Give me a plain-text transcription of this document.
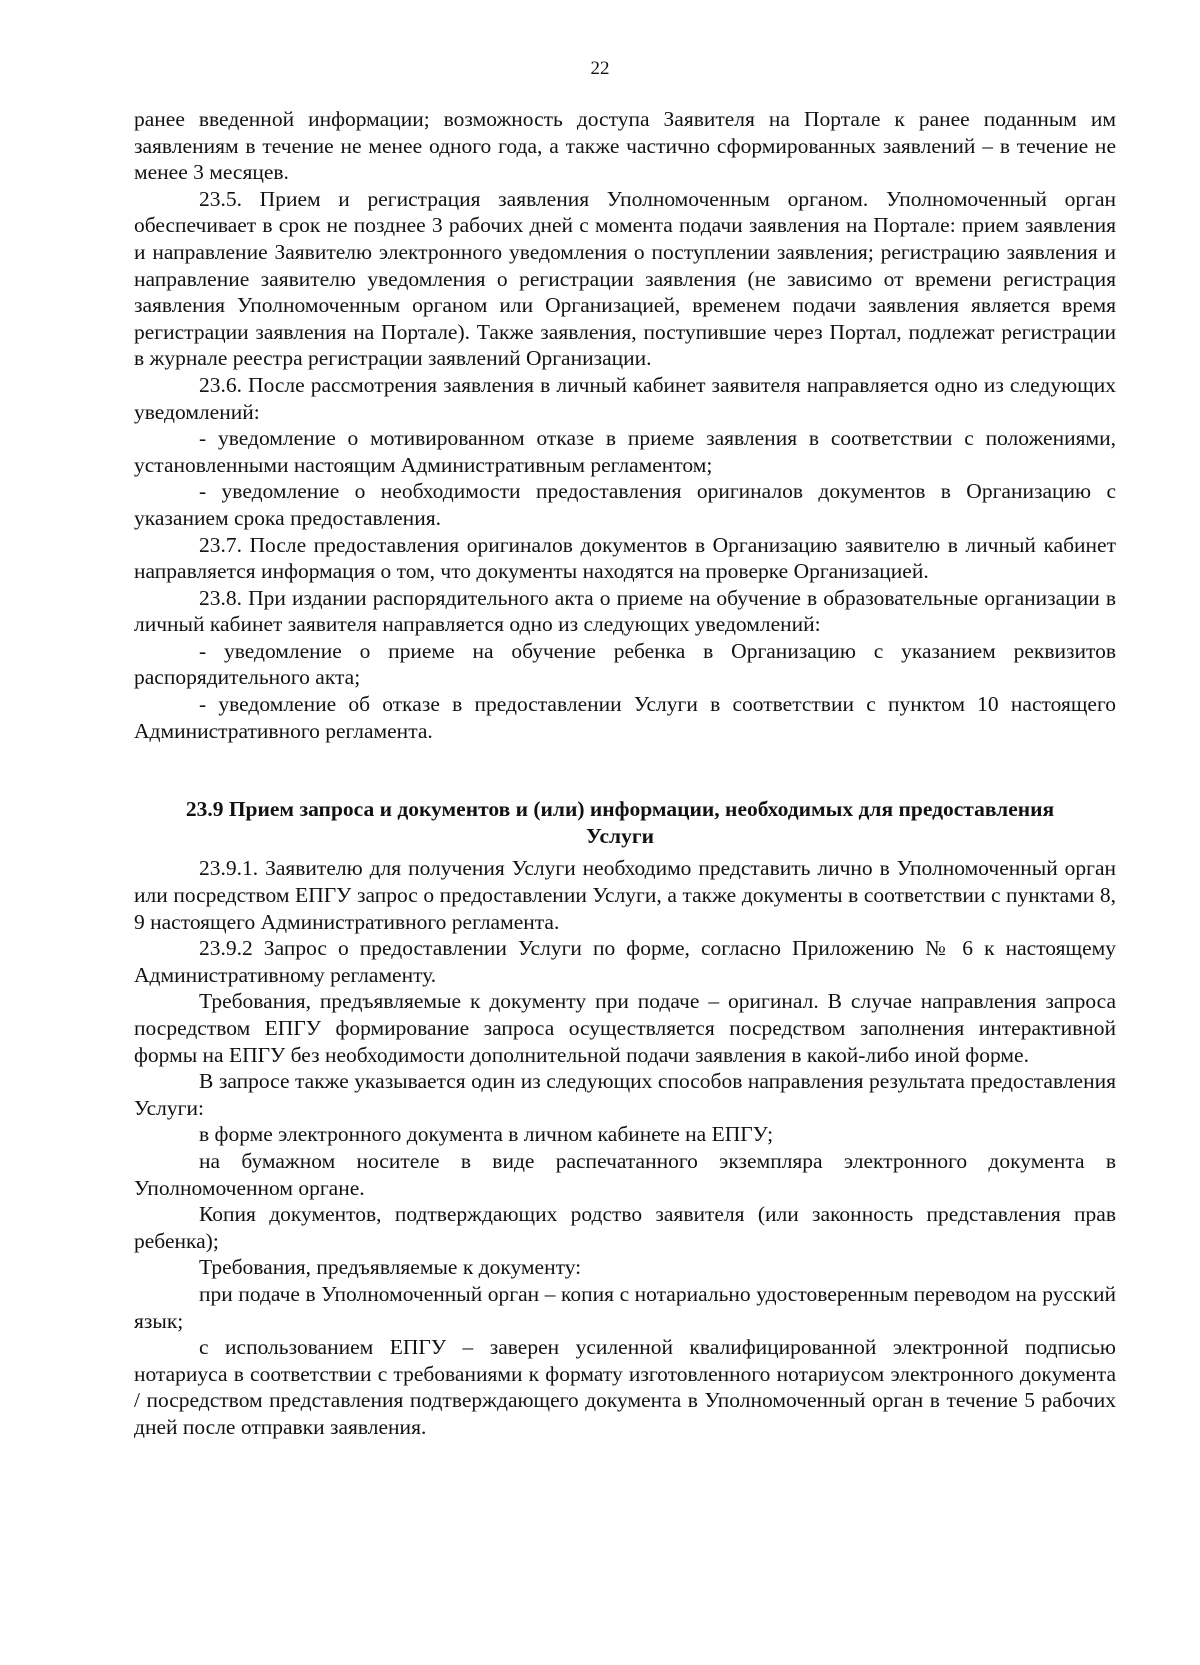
22

ранее введенной информации; возможность доступа Заявителя на Портале к ранее поданным им заявлениям в течение не менее одного года, а также частично сформированных заявлений – в течение не менее 3 месяцев.

23.5. Прием и регистрация заявления Уполномоченным органом. Уполномоченный орган обеспечивает в срок не позднее 3 рабочих дней с момента подачи заявления на Портале: прием заявления и направление Заявителю электронного уведомления о поступлении заявления; регистрацию заявления и направление заявителю уведомления о регистрации заявления (не зависимо от времени регистрация заявления Уполномоченным органом или Организацией, временем подачи заявления является время регистрации заявления на Портале). Также заявления, поступившие через Портал, подлежат регистрации в журнале реестра регистрации заявлений Организации.

23.6. После рассмотрения заявления в личный кабинет заявителя направляется одно из следующих уведомлений:

- уведомление о мотивированном отказе в приеме заявления в соответствии с положениями, установленными настоящим Административным регламентом;

- уведомление о необходимости предоставления оригиналов документов в Организацию с указанием срока предоставления.

23.7. После предоставления оригиналов документов в Организацию заявителю в личный кабинет направляется информация о том, что документы находятся на проверке Организацией.

23.8. При издании распорядительного акта о приеме на обучение в образовательные организации в личный кабинет заявителя направляется одно из следующих уведомлений:

- уведомление о приеме на обучение ребенка в Организацию с указанием реквизитов распорядительного акта;

- уведомление об отказе в предоставлении Услуги в соответствии с пунктом 10 настоящего Административного регламента.

23.9 Прием запроса и документов и (или) информации, необходимых для предоставления Услуги

23.9.1. Заявителю для получения Услуги необходимо представить лично в Уполномоченный орган или посредством ЕПГУ запрос о предоставлении Услуги, а также документы в соответствии с пунктами 8, 9 настоящего Административного регламента.

23.9.2 Запрос о предоставлении Услуги по форме, согласно Приложению № 6 к настоящему Административному регламенту.

Требования, предъявляемые к документу при подаче – оригинал. В случае направления запроса посредством ЕПГУ формирование запроса осуществляется посредством заполнения интерактивной формы на ЕПГУ без необходимости дополнительной подачи заявления в какой-либо иной форме.

В запросе также указывается один из следующих способов направления результата предоставления Услуги:

в форме электронного документа в личном кабинете на ЕПГУ;

на бумажном носителе в виде распечатанного экземпляра электронного документа в Уполномоченном органе.

Копия документов, подтверждающих родство заявителя (или законность представления прав ребенка);

Требования, предъявляемые к документу:

при подаче в Уполномоченный орган – копия с нотариально удостоверенным переводом на русский язык;

с использованием ЕПГУ – заверен усиленной квалифицированной электронной подписью нотариуса в соответствии с требованиями к формату изготовленного нотариусом электронного документа / посредством представления подтверждающего документа в Уполномоченный орган в течение 5 рабочих дней после отправки заявления.
